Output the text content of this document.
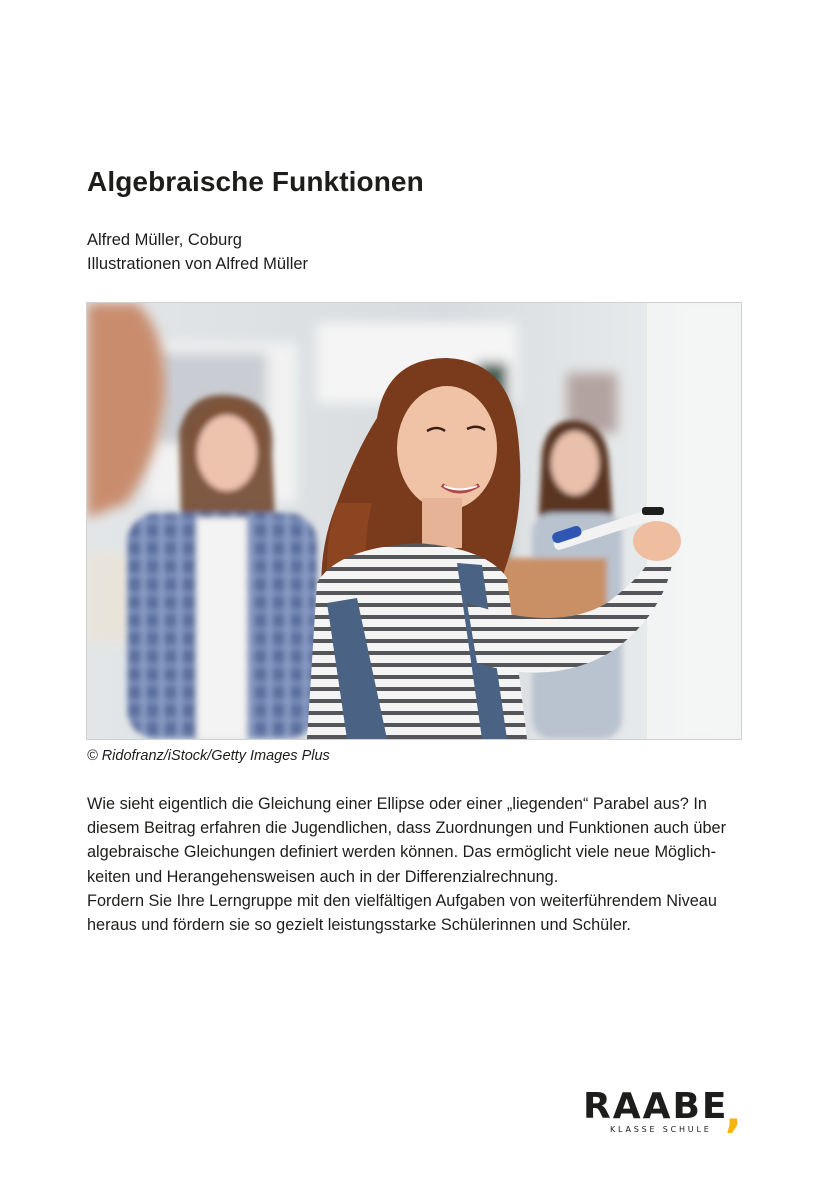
Algebraische Funktionen
Alfred Müller, Coburg
Illustrationen von Alfred Müller
© Ridofranz/iStock/Getty Images Plus
Wie sieht eigentlich die Gleichung einer Ellipse oder einer „liegenden“ Parabel aus? In
diesem Beitrag erfahren die Jugendlichen, dass Zuordnungen und Funktionen auch über
algebraische Gleichungen definiert werden können. Das ermöglicht viele neue Möglich-
keiten und Herangehensweisen auch in der Differenzialrechnung.
Fordern Sie Ihre Lerngruppe mit den vielfältigen Aufgaben von weiterführendem Niveau
heraus und fördern sie so gezielt leistungsstarke Schülerinnen und Schüler.
RAABE
,
KLASSE SCHULE
